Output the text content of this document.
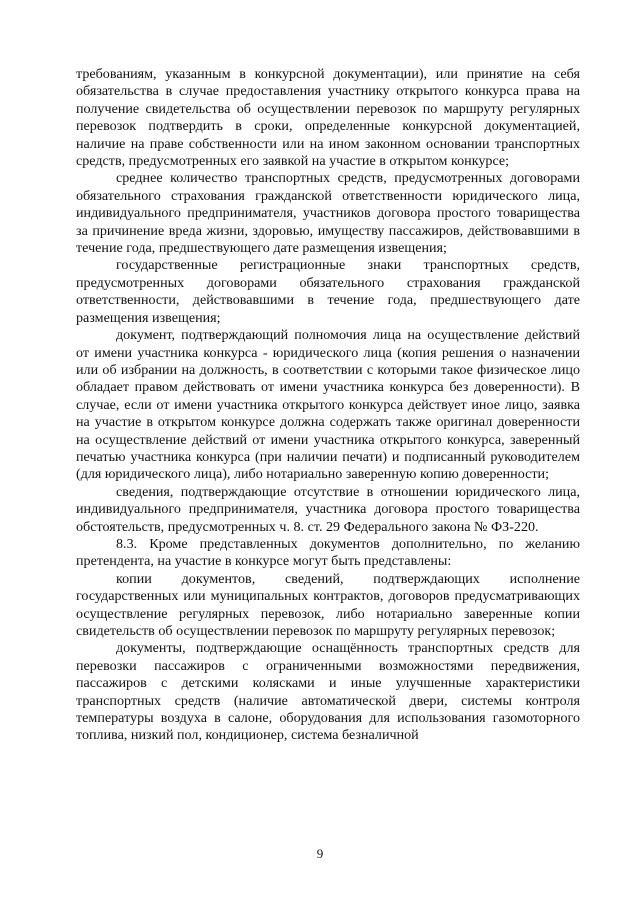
требованиям, указанным в конкурсной документации), или принятие на себя обязательства в случае предоставления участнику открытого конкурса права на получение свидетельства об осуществлении перевозок по маршруту регулярных перевозок подтвердить в сроки, определенные конкурсной документацией, наличие на праве собственности или на ином законном основании транспортных средств, предусмотренных его заявкой на участие в открытом конкурсе;

среднее количество транспортных средств, предусмотренных договорами обязательного страхования гражданской ответственности юридического лица, индивидуального предпринимателя, участников договора простого товарищества за причинение вреда жизни, здоровью, имуществу пассажиров, действовавшими в течение года, предшествующего дате размещения извещения;

государственные регистрационные знаки транспортных средств, предусмотренных договорами обязательного страхования гражданской ответственности, действовавшими в течение года, предшествующего дате размещения извещения;

документ, подтверждающий полномочия лица на осуществление действий от имени участника конкурса - юридического лица (копия решения о назначении или об избрании на должность, в соответствии с которыми такое физическое лицо обладает правом действовать от имени участника конкурса без доверенности). В случае, если от имени участника открытого конкурса действует иное лицо, заявка на участие в открытом конкурсе должна содержать также оригинал доверенности на осуществление действий от имени участника открытого конкурса, заверенный печатью участника конкурса (при наличии печати) и подписанный руководителем (для юридического лица), либо нотариально заверенную копию доверенности;

сведения, подтверждающие отсутствие в отношении юридического лица, индивидуального предпринимателя, участника договора простого товарищества обстоятельств, предусмотренных ч. 8. ст. 29 Федерального закона № ФЗ-220.

8.3. Кроме представленных документов дополнительно, по желанию претендента, на участие в конкурсе могут быть представлены:

копии документов, сведений, подтверждающих исполнение государственных или муниципальных контрактов, договоров предусматривающих осуществление регулярных перевозок, либо нотариально заверенные копии свидетельств об осуществлении перевозок по маршруту регулярных перевозок;

документы, подтверждающие оснащённость транспортных средств для перевозки пассажиров с ограниченными возможностями передвижения, пассажиров с детскими колясками и иные улучшенные характеристики транспортных средств (наличие автоматической двери, системы контроля температуры воздуха в салоне, оборудования для использования газомоторного топлива, низкий пол, кондиционер, система безналичной

9
